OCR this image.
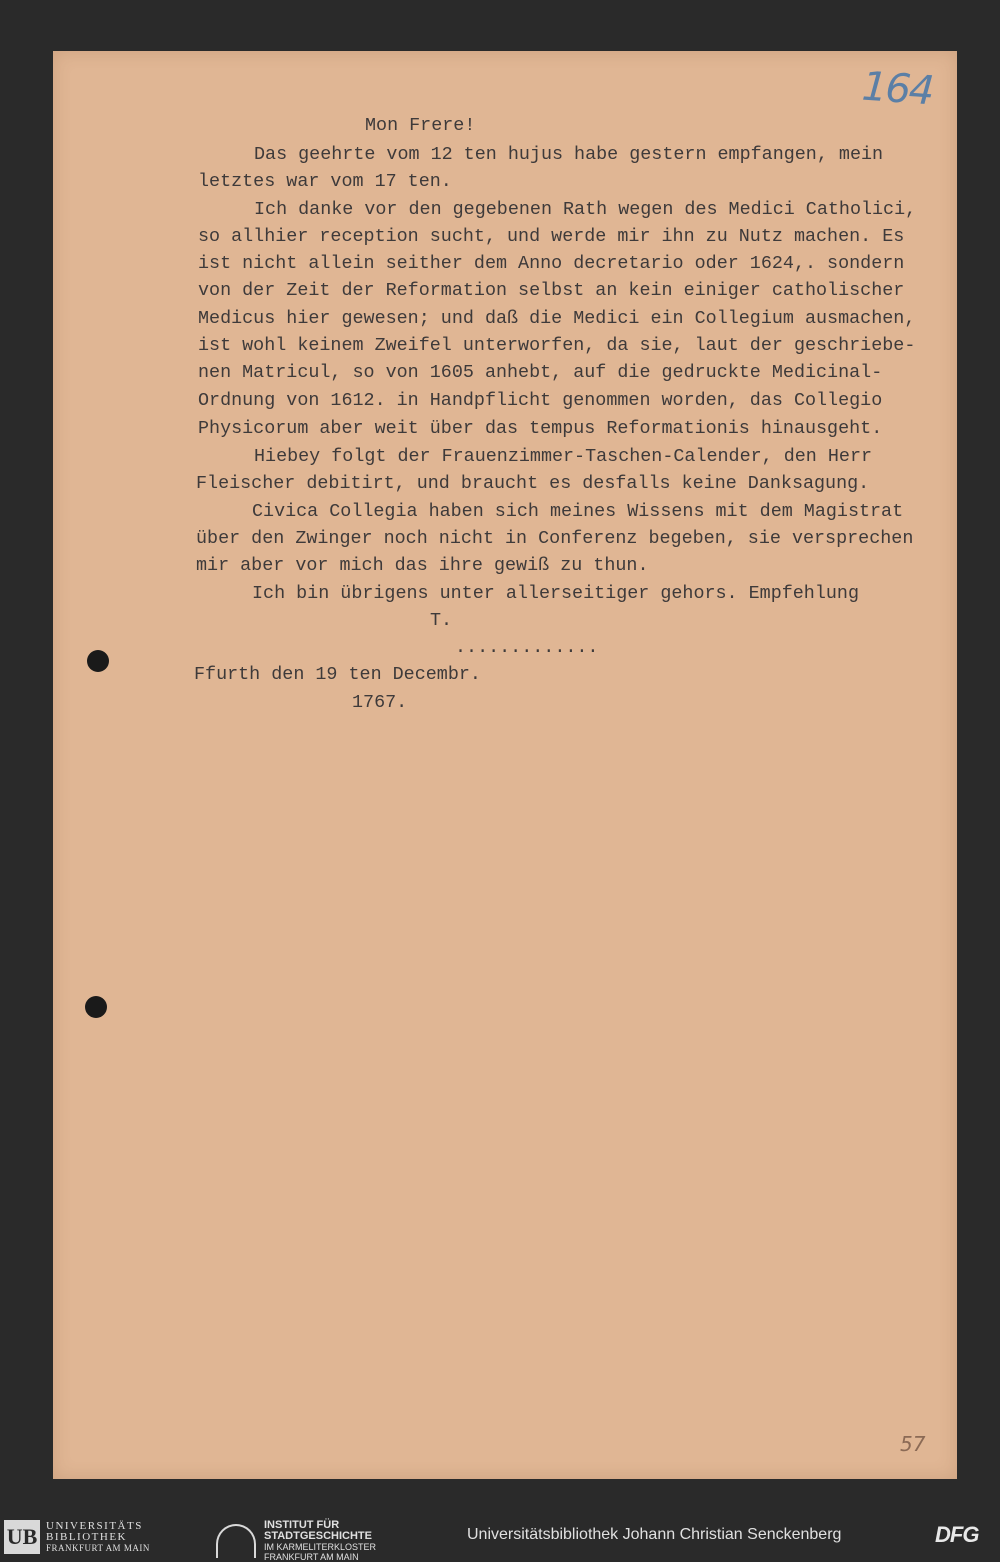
164
57
Mon Frere!
Das geehrte vom 12 ten hujus habe gestern empfangen, mein
letztes war vom 17 ten.
Ich danke vor den gegebenen Rath wegen des Medici Catholici,
so allhier reception sucht, und werde mir ihn zu Nutz machen. Es
ist nicht allein seither dem Anno decretario oder 1624,. sondern
von der Zeit der Reformation selbst an kein einiger catholischer
Medicus hier gewesen; und daß die Medici ein Collegium ausmachen,
ist wohl keinem Zweifel unterworfen, da sie, laut der geschriebe-
nen Matricul, so von 1605 anhebt, auf die gedruckte Medicinal-
Ordnung von 1612. in Handpflicht genommen worden, das Collegio
Physicorum aber weit über das tempus Reformationis hinausgeht.
Hiebey folgt der Frauenzimmer-Taschen-Calender, den Herr
Fleischer debitirt, und braucht es desfalls keine Danksagung.
Civica Collegia haben sich meines Wissens mit dem Magistrat
über den Zwinger noch nicht in Conferenz begeben, sie versprechen
mir aber vor mich das ihre gewiß zu thun.
Ich bin übrigens unter allerseitiger gehors. Empfehlung
T.
.............
Ffurth den 19 ten Decembr.
1767.
UB UNIVERSITÄTS
BIBLIOTHEK
FRANKFURT AM MAIN
INSTITUT FÜR
STADTGESCHICHTE
IM KARMELITERKLOSTER
FRANKFURT AM MAIN
Universitätsbibliothek Johann Christian Senckenberg	DFG
